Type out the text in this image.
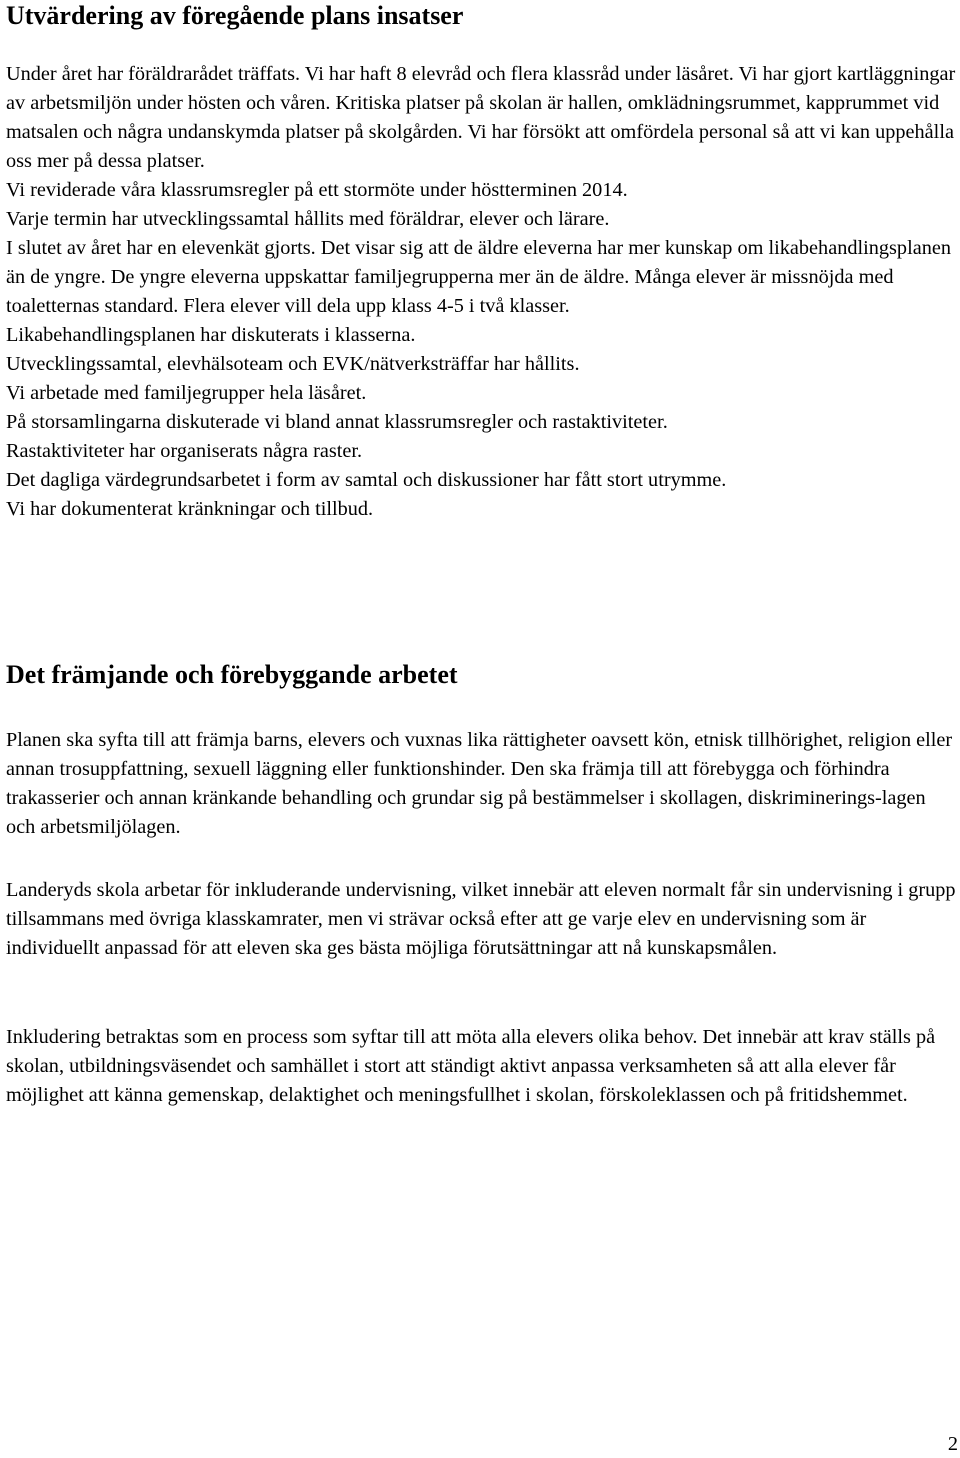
Utvärdering av föregående plans insatser

Under året har föräldrarådet träffats. Vi har haft 8 elevråd och flera klassråd under läsåret. Vi har gjort kartläggningar av arbetsmiljön under hösten och våren. Kritiska platser på skolan är hallen, omklädningsrummet, kapprummet vid matsalen och några undanskymda platser på skolgården. Vi har försökt att omfördela personal så att vi kan uppehålla oss mer på dessa platser.

Vi reviderade våra klassrumsregler på ett stormöte under höstterminen 2014.

Varje termin har utvecklingssamtal hållits med föräldrar, elever och lärare.

I slutet av året har en elevenkät gjorts. Det visar sig att de äldre eleverna har mer kunskap om likabehandlingsplanen än de yngre. De yngre eleverna uppskattar familjegrupperna mer än de äldre. Många elever är missnöjda med toaletternas standard. Flera elever vill dela upp klass 4-5 i två klasser.

Likabehandlingsplanen har diskuterats i klasserna.

Utvecklingssamtal, elevhälsoteam och EVK/nätverksträffar har hållits.

Vi arbetade med familjegrupper hela läsåret.

På storsamlingarna diskuterade vi bland annat klassrumsregler och rastaktiviteter.

Rastaktiviteter har organiserats några raster.

Det dagliga värdegrundsarbetet i form av samtal och diskussioner har fått stort utrymme.

Vi har dokumenterat kränkningar och tillbud.

Det främjande och förebyggande arbetet

Planen ska syfta till att främja barns, elevers och vuxnas lika rättigheter oavsett kön, etnisk tillhörighet, religion eller annan trosuppfattning, sexuell läggning eller funktionshinder. Den ska främja till att förebygga och förhindra trakasserier och annan kränkande behandling och grundar sig på bestämmelser i skollagen, diskriminerings-lagen och arbetsmiljölagen.

Landeryds skola arbetar för inkluderande undervisning, vilket innebär att eleven normalt får sin undervisning i grupp tillsammans med övriga klasskamrater, men vi strävar också efter att ge varje elev en undervisning som är individuellt anpassad för att eleven ska ges bästa möjliga förutsättningar att nå kunskapsmålen.

Inkludering betraktas som en process som syftar till att möta alla elevers olika behov. Det innebär att krav ställs på skolan, utbildningsväsendet och samhället i stort att ständigt aktivt anpassa verksamheten så att alla elever får möjlighet att känna gemenskap, delaktighet och meningsfullhet i skolan, förskoleklassen och på fritidshemmet.

2
